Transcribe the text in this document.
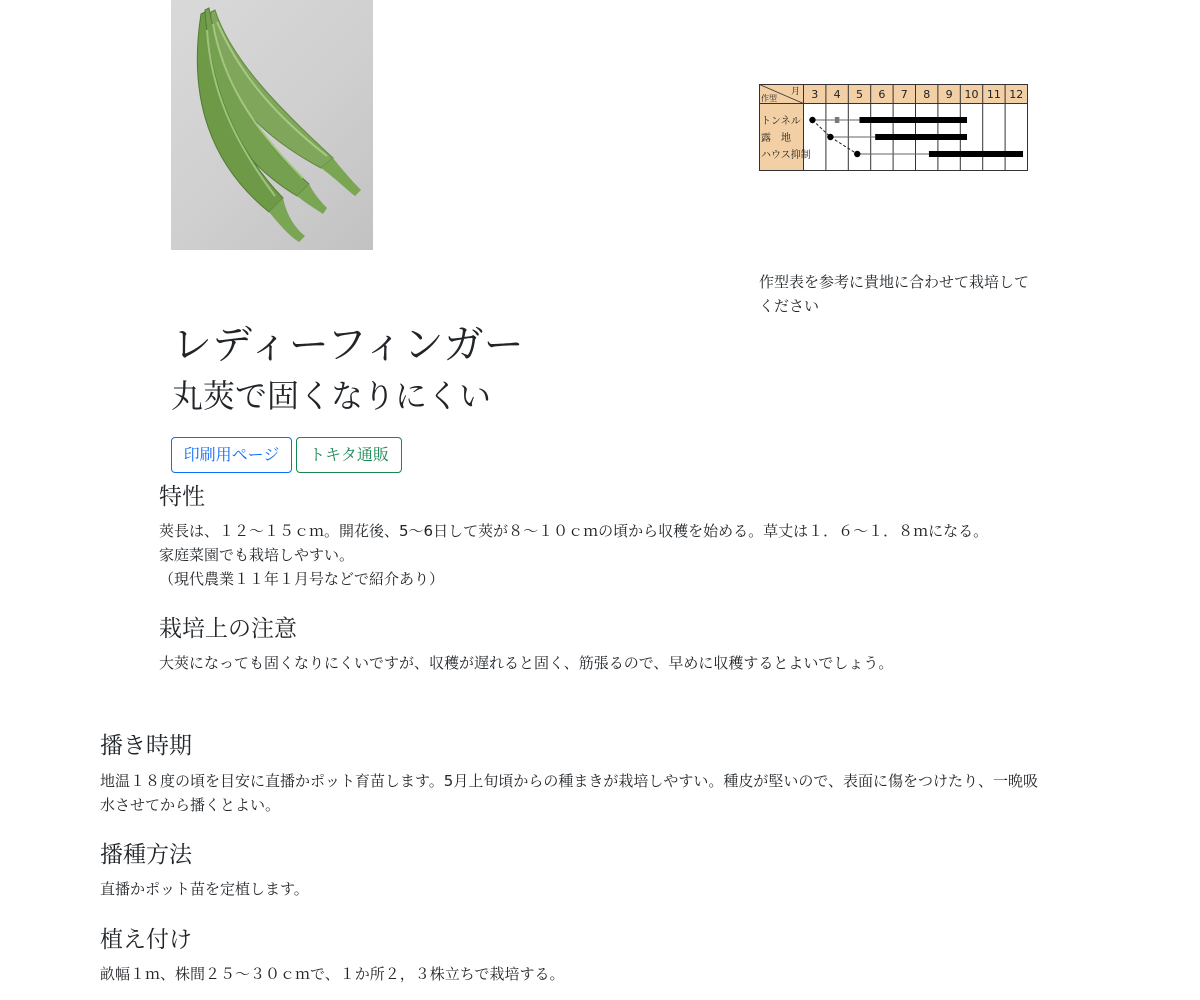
作型
月 3 4 5 6 7 8 9 10 11 12
トンネル
露　地
ハウス抑制
作型表を参考に貴地に合わせて栽培してください
レディーフィンガー
丸莢で固くなりにくい
印刷用ページ	トキタ通販
特性
莢長は、１２～１５ｃｍ。開花後、5〜6日して莢が８～１０ｃｍの頃から収穫を始める。草丈は１．６～１．８ｍになる。
家庭菜園でも栽培しやすい。
（現代農業１１年１月号などで紹介あり）
栽培上の注意

大莢になっても固くなりにくいですが、収穫が遅れると固く、筋張るので、早めに収穫するとよいでしょう。

播き時期
地温１８度の頃を目安に直播かポット育苗します。5月上旬頃からの種まきが栽培しやすい。種皮が堅いので、表面に傷をつけたり、一晩吸
水させてから播くとよい。
播種方法

直播かポット苗を定植します。

植え付け

畝幅１ｍ、株間２５～３０ｃｍで、１か所２，３株立ちで栽培する。
